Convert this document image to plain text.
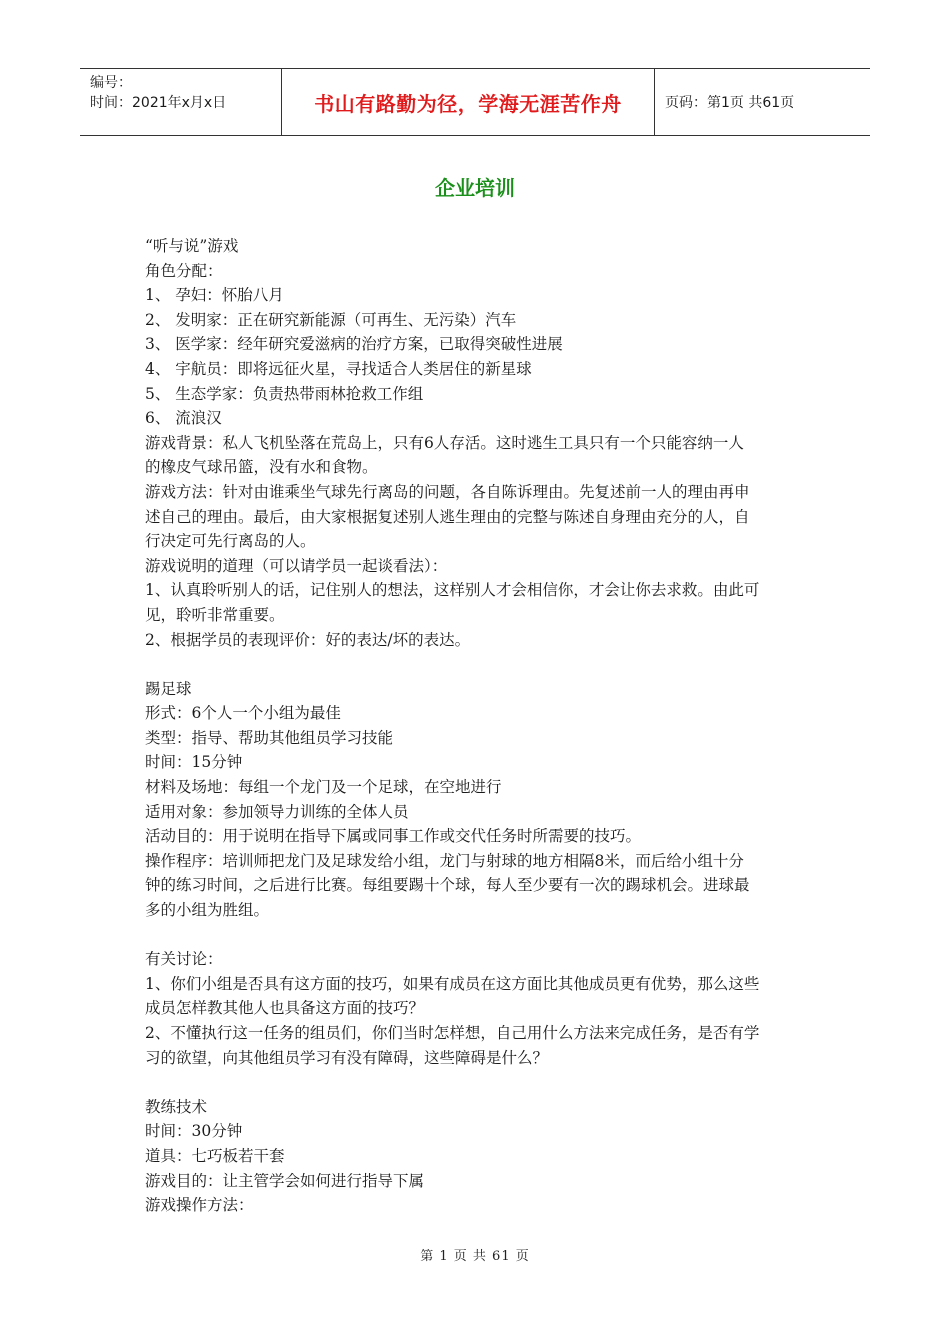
编号：
时间：2021年x月x日	书山有路勤为径，学海无涯苦作舟	页码：第1页 共61页
企业培训

“听与说”游戏

角色分配：

1、 孕妇：怀胎八月

2、 发明家：正在研究新能源（可再生、无污染）汽车

3、 医学家：经年研究爱滋病的治疗方案，已取得突破性进展

4、 宇航员：即将远征火星，寻找适合人类居住的新星球

5、 生态学家：负责热带雨林抢救工作组

6、 流浪汉

游戏背景：私人飞机坠落在荒岛上，只有6人存活。这时逃生工具只有一个只能容纳一人

的橡皮气球吊篮，没有水和食物。

游戏方法：针对由谁乘坐气球先行离岛的问题，各自陈诉理由。先复述前一人的理由再申

述自己的理由。最后，由大家根据复述别人逃生理由的完整与陈述自身理由充分的人，自

行决定可先行离岛的人。

游戏说明的道理（可以请学员一起谈看法）：

1、认真聆听别人的话，记住别人的想法，这样别人才会相信你，才会让你去求救。由此可

见，聆听非常重要。

2、根据学员的表现评价：好的表达/坏的表达。

踢足球

形式：6个人一个小组为最佳

类型：指导、帮助其他组员学习技能

时间：15分钟

材料及场地：每组一个龙门及一个足球，在空地进行

适用对象：参加领导力训练的全体人员

活动目的：用于说明在指导下属或同事工作或交代任务时所需要的技巧。

操作程序：培训师把龙门及足球发给小组，龙门与射球的地方相隔8米，而后给小组十分

钟的练习时间，之后进行比赛。每组要踢十个球，每人至少要有一次的踢球机会。进球最

多的小组为胜组。

有关讨论：

1、你们小组是否具有这方面的技巧，如果有成员在这方面比其他成员更有优势，那么这些

成员怎样教其他人也具备这方面的技巧？

2、不懂执行这一任务的组员们，你们当时怎样想，自己用什么方法来完成任务，是否有学

习的欲望，向其他组员学习有没有障碍，这些障碍是什么？

教练技术

时间：30分钟

道具：七巧板若干套

游戏目的：让主管学会如何进行指导下属

游戏操作方法：

第 1 页 共 61 页
